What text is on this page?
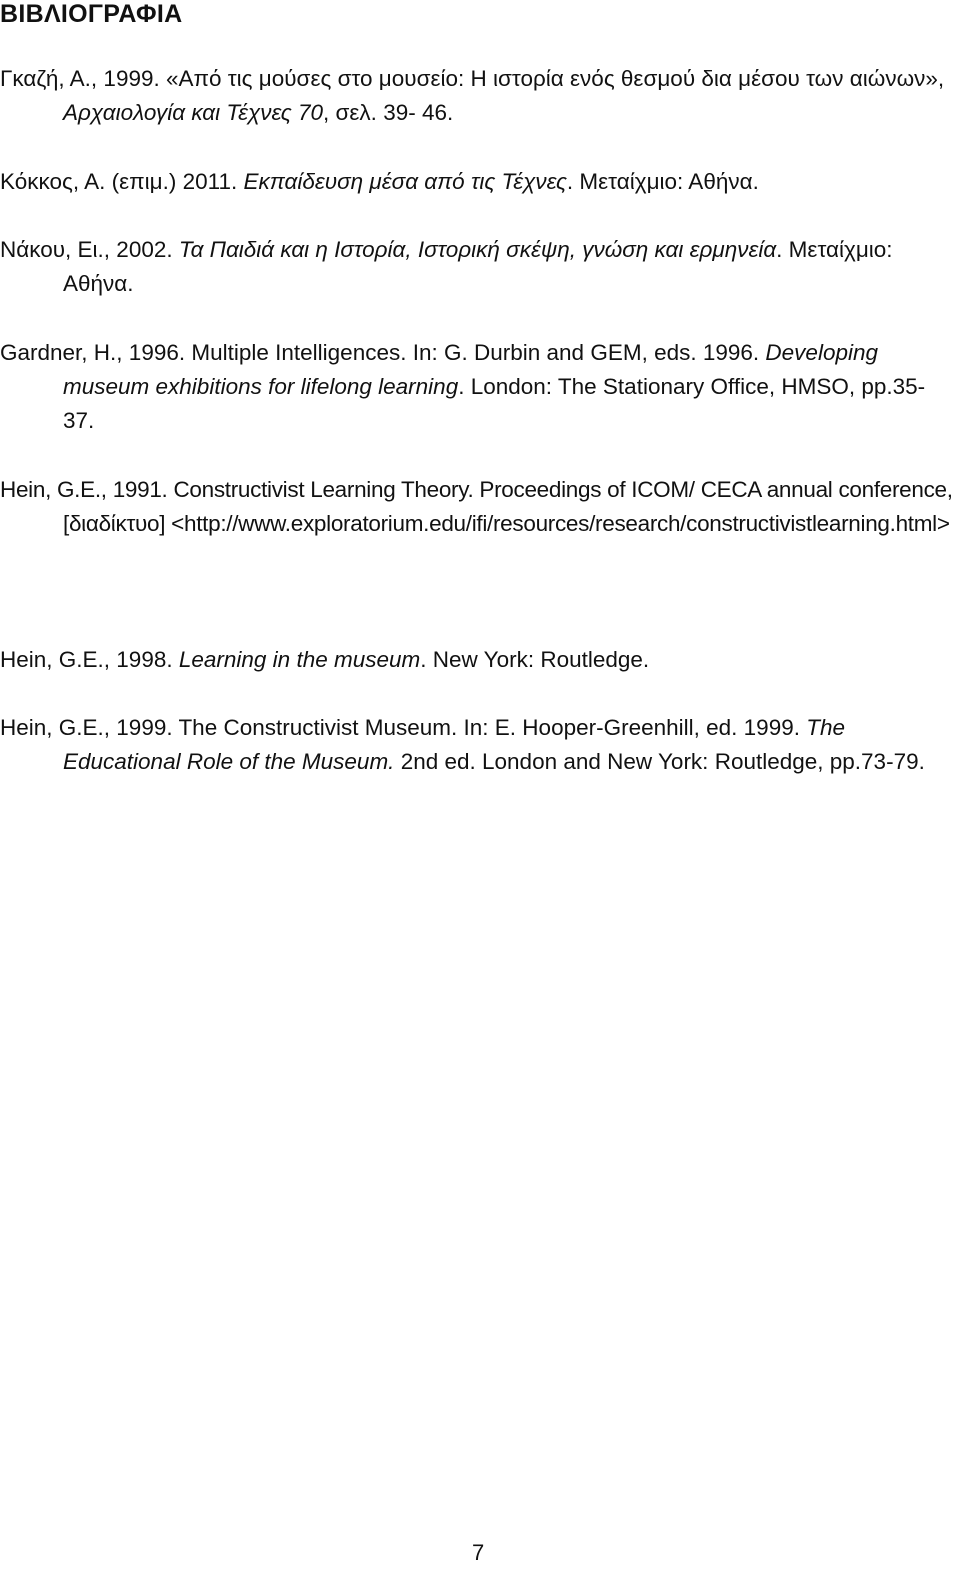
ΒΙΒΛΙΟΓΡΑΦΙΑ

Γκαζή, Α., 1999. «Από τις μούσες στο μουσείο: Η ιστορία ενός θεσμού δια μέσου των αιώνων», Αρχαιολογία και Τέχνες 70, σελ. 39- 46.

Κόκκος, Α. (επιμ.) 2011. Εκπαίδευση μέσα από τις Τέχνες. Μεταίχμιο: Αθήνα.

Νάκου, Ει., 2002. Τα Παιδιά και η Ιστορία, Ιστορική σκέψη, γνώση και ερμηνεία. Μεταίχμιο: Αθήνα.

Gardner, H., 1996. Multiple Intelligences. In: G. Durbin and GEM, eds. 1996. Developing museum exhibitions for lifelong learning. London: The Stationary Office, HMSO, pp.35-37.

Hein, G.E., 1991. Constructivist Learning Theory. Proceedings of ICOM/ CECA annual conference, [διαδίκτυο] <http://www.exploratorium.edu/ifi/resources/research/constructivistlearning.html>

Hein, G.E., 1998. Learning in the museum. New York: Routledge.

Hein, G.E., 1999. The Constructivist Museum. In: E. Hooper-Greenhill, ed. 1999. The Educational Role of the Museum. 2nd ed. London and New York: Routledge, pp.73-79.

7
